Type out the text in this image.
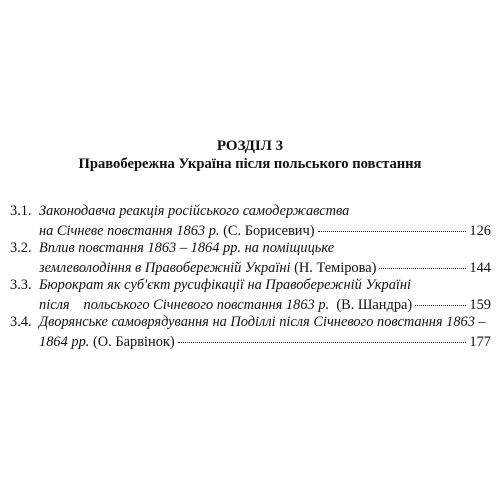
РОЗДІЛ 3
Правобережна Україна після польського повстання
3.1. Законодавча реакція російського самодержавства
на Січневе повстання 1863 р.
(С. Борисевич)	126
3.2. Вплив повстання 1863 – 1864 рр. на поміщицьке
землеволодіння в Правобережній Україні
(Н. Темірова)	144
3.3. Бюрократ як суб'єкт русифікації на Правобережній Україні
після польського Січневого повстання 1863 р.
(В. Шандра)	159
3.4. Дворянське самоврядування на Поділлі після Січневого повстання 1863 –
1864 рр.
(О. Барвінок)	177
